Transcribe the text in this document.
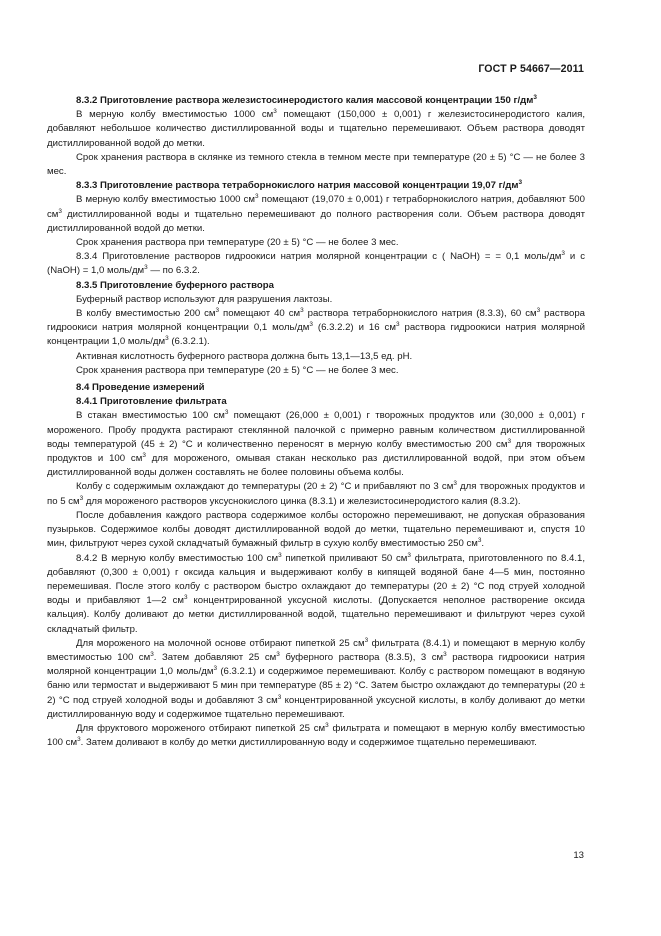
ГОСТ Р 54667—2011

8.3.2 Приготовление раствора железистосинеродистого калия массовой концентрации 150 $г/дм^3$

В мерную колбу вместимостью 1000 $см^3$ помещают (150,000 ± 0,001) г железистосинеродистого калия, добавляют небольшое количество дистиллированной воды и тщательно перемешивают. Объем раствора доводят дистиллированной водой до метки.

Срок хранения раствора в склянке из темного стекла в темном месте при температуре (20 ± 5) °С — не более 3 мес.

8.3.3 Приготовление раствора тетраборнокислого натрия массовой концентрации 19,07 $г/дм^3$

В мерную колбу вместимостью 1000 $см^3$ помещают (19,070 ± 0,001) г тетраборнокислого натрия, добавляют 500 $см^3$ дистиллированной воды и тщательно перемешивают до полного растворения соли. Объем раствора доводят дистиллированной водой до метки.

Срок хранения раствора при температуре (20 ± 5) °С — не более 3 мес.

8.3.4 Приготовление растворов гидроокиси натрия молярной концентрации с ( NaOH) = = 0,1 моль/$дм^3$ и с (NaOH) = 1,0 моль/$дм^3$ — по 6.3.2.

8.3.5 Приготовление буферного раствора

Буферный раствор используют для разрушения лактозы.

В колбу вместимостью 200 $см^3$ помещают 40 $см^3$ раствора тетраборнокислого натрия (8.3.3), 60 $см^3$ раствора гидроокиси натрия молярной концентрации 0,1 моль/$дм^3$ (6.3.2.2) и 16 $см^3$ раствора гидроокиси натрия молярной концентрации 1,0 моль/$дм^3$ (6.3.2.1).

Активная кислотность буферного раствора должна быть 13,1—13,5 ед. pH.

Срок хранения раствора при температуре (20 ± 5) °С — не более 3 мес.

8.4 Проведение измерений

8.4.1 Приготовление фильтрата

В стакан вместимостью 100 $см^3$ помещают (26,000 ± 0,001) г творожных продуктов или (30,000 ± 0,001) г мороженого. Пробу продукта растирают стеклянной палочкой с примерно равным количеством дистиллированной воды температурой (45 ± 2) °С и количественно переносят в мерную колбу вместимостью 200 $см^3$ для творожных продуктов и 100 $см^3$ для мороженого, омывая стакан несколько раз дистиллированной водой, при этом объем дистиллированной воды должен составлять не более половины объема колбы.

Колбу с содержимым охлаждают до температуры (20 ± 2) °С и прибавляют по 3 $см^3$ для творожных продуктов и по 5 $см^3$ для мороженого растворов уксуснокислого цинка (8.3.1) и железистосинеродистого калия (8.3.2).

После добавления каждого раствора содержимое колбы осторожно перемешивают, не допуская образования пузырьков. Содержимое колбы доводят дистиллированной водой до метки, тщательно перемешивают и, спустя 10 мин, фильтруют через сухой складчатый бумажный фильтр в сухую колбу вместимостью 250 $см^3$.

8.4.2 В мерную колбу вместимостью 100 $см^3$ пипеткой приливают 50 $см^3$ фильтрата, приготовленного по 8.4.1, добавляют (0,300 ± 0,001) г оксида кальция и выдерживают колбу в кипящей водяной бане 4—5 мин, постоянно перемешивая. После этого колбу с раствором быстро охлаждают до температуры (20 ± 2) °С под струей холодной воды и прибавляют 1—2 $см^3$ концентрированной уксусной кислоты. (Допускается неполное растворение оксида кальция). Колбу доливают до метки дистиллированной водой, тщательно перемешивают и фильтруют через сухой складчатый фильтр.

Для мороженого на молочной основе отбирают пипеткой 25 $см^3$ фильтрата (8.4.1) и помещают в мерную колбу вместимостью 100 $см^3$. Затем добавляют 25 $см^3$ буферного раствора (8.3.5), 3 $см^3$ раствора гидроокиси натрия молярной концентрации 1,0 моль/$дм^3$ (6.3.2.1) и содержимое перемешивают. Колбу с раствором помещают в водяную баню или термостат и выдерживают 5 мин при температуре (85 ± 2) °С. Затем быстро охлаждают до температуры (20 ± 2) °С под струей холодной воды и добавляют 3 $см^3$ концентрированной уксусной кислоты, в колбу доливают до метки дистиллированную воду и содержимое тщательно перемешивают.

Для фруктового мороженого отбирают пипеткой 25 $см^3$ фильтрата и помещают в мерную колбу вместимостью 100 $см^3$. Затем доливают в колбу до метки дистиллированную воду и содержимое тщательно перемешивают.

13
